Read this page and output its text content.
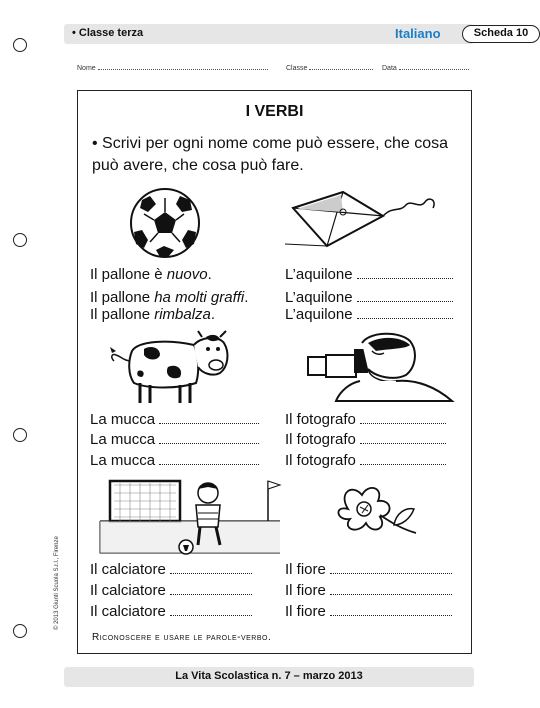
• Classe terza	Italiano	Scheda 10
Nome	Classe	Data
I VERBI
• Scrivi per ogni nome come può essere, che cosa può avere, che cosa può fare.
Il pallone è nuovo.
Il pallone ha molti graffi.
Il pallone rimbalza.
L’aquilone
L’aquilone
L’aquilone
La mucca
La mucca
La mucca
Il fotografo
Il fotografo
Il fotografo
Il calciatore
Il calciatore
Il calciatore
Il fiore
Il fiore
Il fiore
Riconoscere e usare le parole-verbo.
© 2013 Giunti Scuola S.r.l., Firenze
La Vita Scolastica n. 7 – marzo 2013
